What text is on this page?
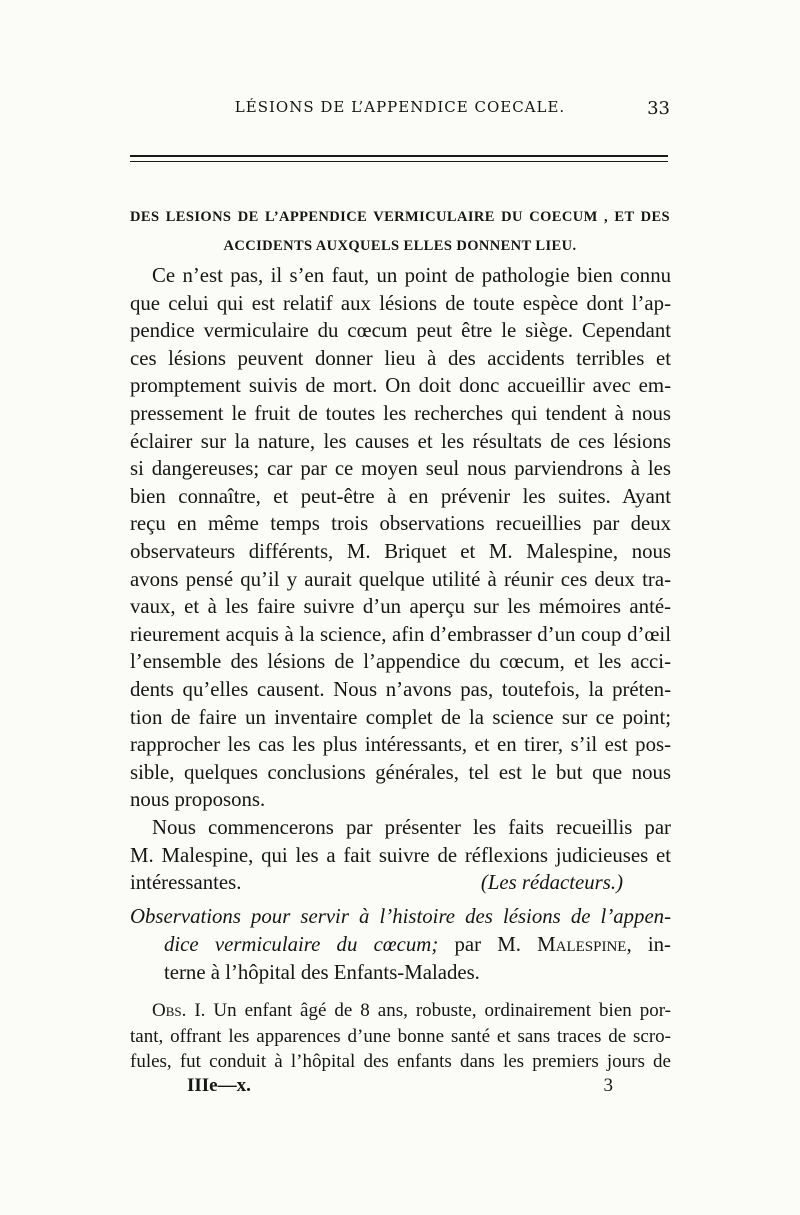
LÉSIONS DE L’APPENDICE COECALE.	33
DES LESIONS DE L’APPENDICE VERMICULAIRE DU COECUM , ET DES
ACCIDENTS AUXQUELS ELLES DONNENT LIEU.
Ce n’est pas, il s’en faut, un point de pathologie bien connu
que celui qui est relatif aux lésions de toute espèce dont l’ap-
pendice vermiculaire du cœcum peut être le siège. Cependant
ces lésions peuvent donner lieu à des accidents terribles et
promptement suivis de mort. On doit donc accueillir avec em-
pressement le fruit de toutes les recherches qui tendent à nous
éclairer sur la nature, les causes et les résultats de ces lésions
si dangereuses; car par ce moyen seul nous parviendrons à les
bien connaître, et peut-être à en prévenir les suites. Ayant
reçu en même temps trois observations recueillies par deux
observateurs différents, M. Briquet et M. Malespine, nous
avons pensé qu’il y aurait quelque utilité à réunir ces deux tra-
vaux, et à les faire suivre d’un aperçu sur les mémoires anté-
rieurement acquis à la science, afin d’embrasser d’un coup d’œil
l’ensemble des lésions de l’appendice du cœcum, et les acci-
dents qu’elles causent. Nous n’avons pas, toutefois, la préten-
tion de faire un inventaire complet de la science sur ce point;
rapprocher les cas les plus intéressants, et en tirer, s’il est pos-
sible, quelques conclusions générales, tel est le but que nous
nous proposons.
Nous commencerons par présenter les faits recueillis par
M. Malespine, qui les a fait suivre de réflexions judicieuses et
intéressantes.	(Les rédacteurs.)
Observations pour servir à l’histoire des lésions de l’appen-
dice vermiculaire du cœcum; par M. Malespine, in-
terne à l’hôpital des Enfants-Malades.
Obs. I. Un enfant âgé de 8 ans, robuste, ordinairement bien por-
tant, offrant les apparences d’une bonne santé et sans traces de scro-
fules, fut conduit à l’hôpital des enfants dans les premiers jours de
IIIe—x.	3
